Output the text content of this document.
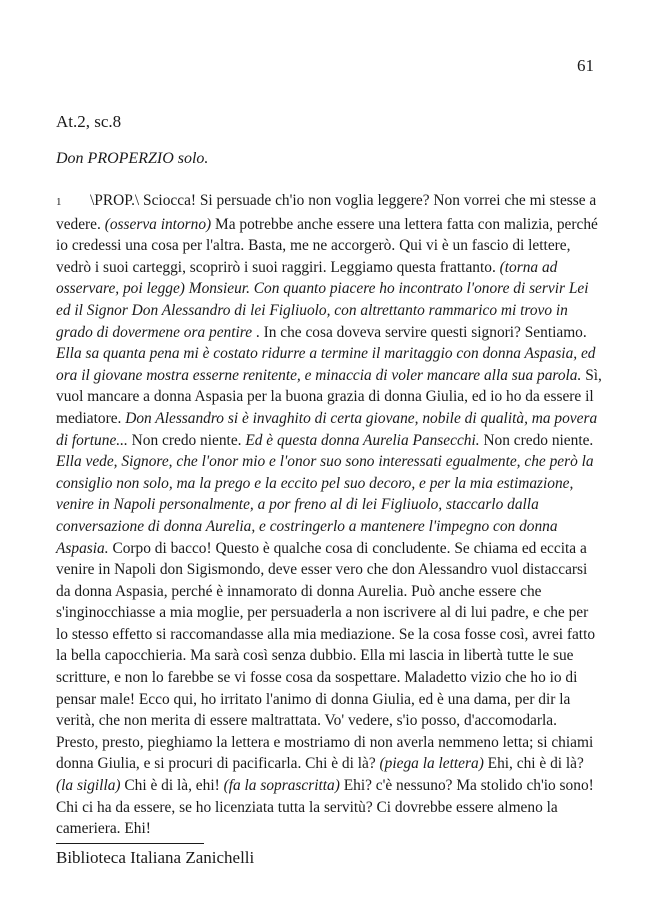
61
At.2, sc.8
Don PROPERZIO solo.
1 \PROP.\ Sciocca! Si persuade ch'io non voglia leggere? Non vorrei che mi stesse a vedere. (osserva intorno) Ma potrebbe anche essere una lettera fatta con malizia, perché io credessi una cosa per l'altra. Basta, me ne accorgerò. Qui vi è un fascio di lettere, vedrò i suoi carteggi, scoprirò i suoi raggiri. Leggiamo questa frattanto. (torna ad osservare, poi legge) Monsieur. Con quanto piacere ho incontrato l'onore di servir Lei ed il Signor Don Alessandro di lei Figliuolo, con altrettanto rammarico mi trovo in grado di dovermene ora pentire . In che cosa doveva servire questi signori? Sentiamo. Ella sa quanta pena mi è costato ridurre a termine il maritaggio con donna Aspasia, ed ora il giovane mostra esserne renitente, e minaccia di voler mancare alla sua parola. Sì, vuol mancare a donna Aspasia per la buona grazia di donna Giulia, ed io ho da essere il mediatore. Don Alessandro si è invaghito di certa giovane, nobile di qualità, ma povera di fortune... Non credo niente. Ed è questa donna Aurelia Pansecchi. Non credo niente. Ella vede, Signore, che l'onor mio e l'onor suo sono interessati egualmente, che però la consiglio non solo, ma la prego e la eccito pel suo decoro, e per la mia estimazione, venire in Napoli personalmente, a por freno al di lei Figliuolo, staccarlo dalla conversazione di donna Aurelia, e costringerlo a mantenere l'impegno con donna Aspasia. Corpo di bacco! Questo è qualche cosa di concludente. Se chiama ed eccita a venire in Napoli don Sigismondo, deve esser vero che don Alessandro vuol distaccarsi da donna Aspasia, perché è innamorato di donna Aurelia. Può anche essere che s'inginocchiasse a mia moglie, per persuaderla a non iscrivere al di lui padre, e che per lo stesso effetto si raccomandasse alla mia mediazione. Se la cosa fosse così, avrei fatto la bella capocchieria. Ma sarà così senza dubbio. Ella mi lascia in libertà tutte le sue scritture, e non lo farebbe se vi fosse cosa da sospettare. Maladetto vizio che ho io di pensar male! Ecco qui, ho irritato l'animo di donna Giulia, ed è una dama, per dir la verità, che non merita di essere maltrattata. Vo' vedere, s'io posso, d'accomodarla. Presto, presto, pieghiamo la lettera e mostriamo di non averla nemmeno letta; si chiami donna Giulia, e si procuri di pacificarla. Chi è di là? (piega la lettera) Ehi, chi è di là? (la sigilla) Chi è di là, ehi! (fa la soprascritta) Ehi? c'è nessuno? Ma stolido ch'io sono! Chi ci ha da essere, se ho licenziata tutta la servitù? Ci dovrebbe essere almeno la cameriera. Ehi!
Biblioteca Italiana Zanichelli
